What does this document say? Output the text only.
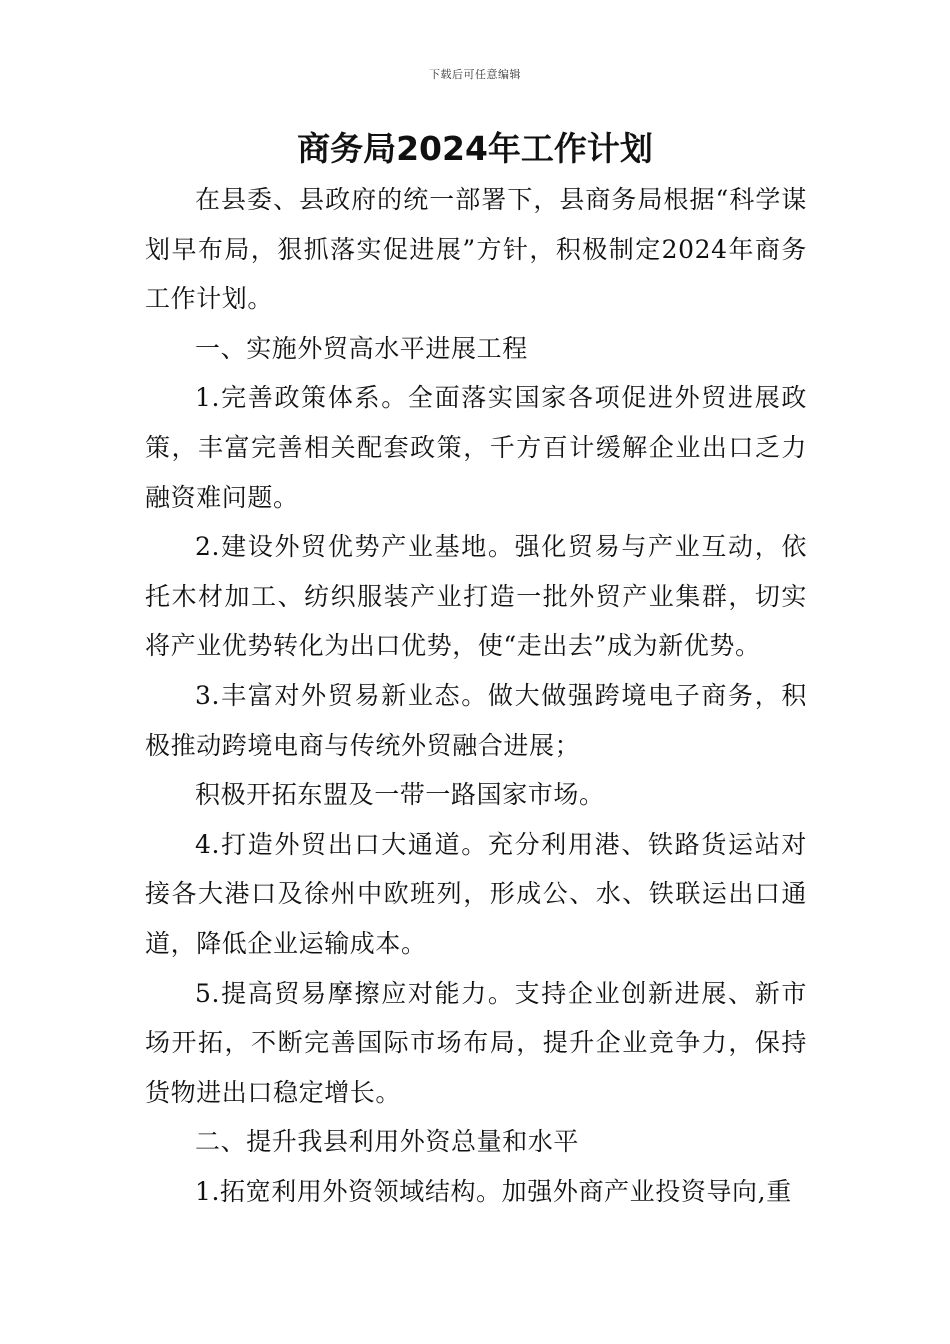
下载后可任意编辑
商务局2024年工作计划

在县委、县政府的统一部署下，县商务局根据“科学谋划早布局，狠抓落实促进展”方针，积极制定2024年商务工作计划。

一、实施外贸高水平进展工程

1.完善政策体系。全面落实国家各项促进外贸进展政策，丰富完善相关配套政策，千方百计缓解企业出口乏力融资难问题。

2.建设外贸优势产业基地。强化贸易与产业互动，依托木材加工、纺织服装产业打造一批外贸产业集群，切实将产业优势转化为出口优势，使“走出去”成为新优势。

3.丰富对外贸易新业态。做大做强跨境电子商务，积极推动跨境电商与传统外贸融合进展；

积极开拓东盟及一带一路国家市场。

4.打造外贸出口大通道。充分利用港、铁路货运站对接各大港口及徐州中欧班列，形成公、水、铁联运出口通道，降低企业运输成本。

5.提高贸易摩擦应对能力。支持企业创新进展、新市场开拓，不断完善国际市场布局，提升企业竞争力，保持货物进出口稳定增长。

二、提升我县利用外资总量和水平

1.拓宽利用外资领域结构。加强外商产业投资导向,重
